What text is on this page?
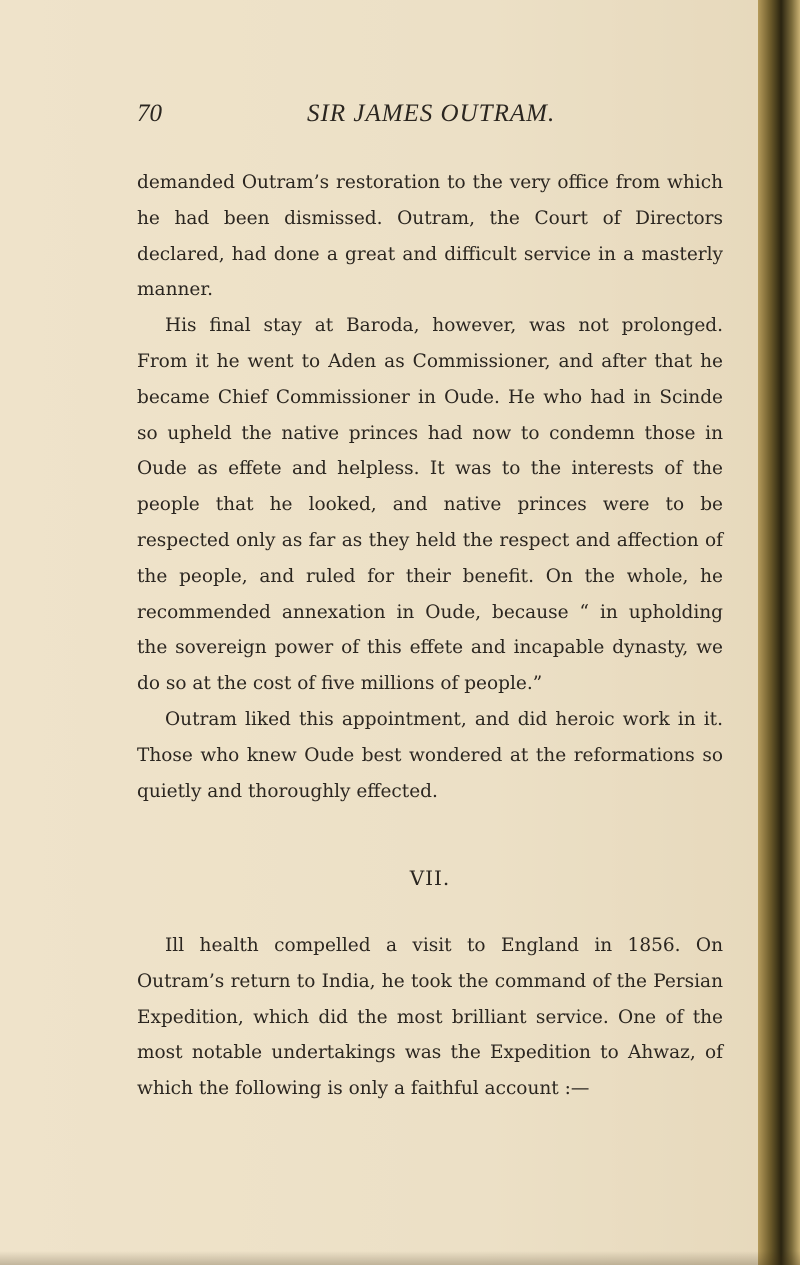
70	SIR JAMES OUTRAM.

demanded Outram’s restoration to the very office from which he had been dismissed. Outram, the Court of Directors declared, had done a great and difficult service in a masterly manner.

His final stay at Baroda, however, was not prolonged. From it he went to Aden as Commissioner, and after that he became Chief Commissioner in Oude. He who had in Scinde so upheld the native princes had now to condemn those in Oude as effete and helpless. It was to the interests of the people that he looked, and native princes were to be respected only as far as they held the respect and affection of the people, and ruled for their benefit. On the whole, he recommended annexation in Oude, because “ in upholding the sovereign power of this effete and incapable dynasty, we do so at the cost of five millions of people.”

Outram liked this appointment, and did heroic work in it. Those who knew Oude best wondered at the reformations so quietly and thoroughly effected.

VII.

Ill health compelled a visit to England in 1856. On Outram’s return to India, he took the command of the Persian Expedition, which did the most brilliant service. One of the most notable undertakings was the Expedition to Ahwaz, of which the following is only a faithful account :—
